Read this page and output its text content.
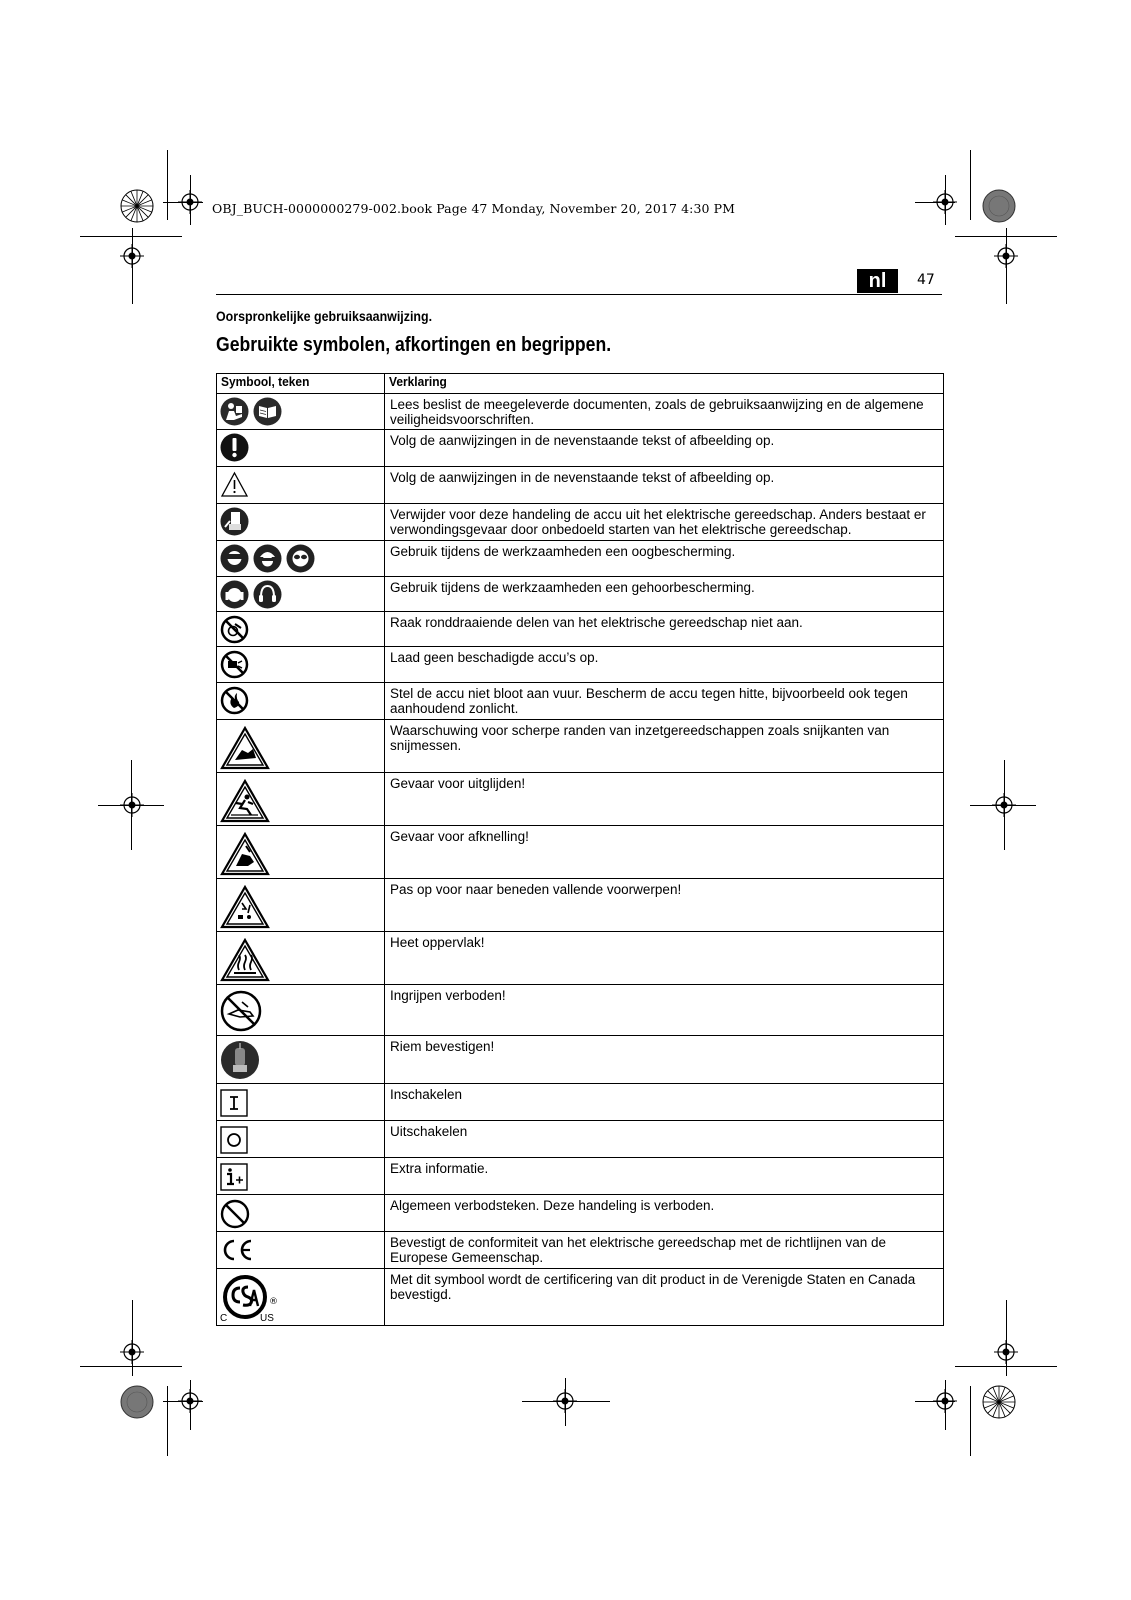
OBJ_BUCH-0000000279-002.book Page 47 Monday, November 20, 2017 4:30 PM
nl	47
Oorspronkelijke gebruiksaanwijzing.
Gebruikte symbolen, afkortingen en begrippen.
Symbool, teken	Verklaring

	Lees beslist de meegeleverde documenten, zoals de gebruiksaanwijzing en de algemene veiligheidsvoorschriften.

	Volg de aanwijzingen in de nevenstaande tekst of afbeelding op.

	Volg de aanwijzingen in de nevenstaande tekst of afbeelding op.

	Verwijder voor deze handeling de accu uit het elektrische gereedschap. Anders bestaat er verwondingsgevaar door onbedoeld starten van het elektrische gereedschap.

	Gebruik tijdens de werkzaamheden een oogbescherming.

	Gebruik tijdens de werkzaamheden een gehoorbescherming.

	Raak ronddraaiende delen van het elektrische gereedschap niet aan.

	Laad geen beschadigde accu’s op.

	Stel de accu niet bloot aan vuur. Bescherm de accu tegen hitte, bijvoorbeeld ook tegen aanhoudend zonlicht.

	Waarschuwing voor scherpe randen van inzetgereedschappen zoals snijkanten van snijmessen.

	Gevaar voor uitglijden!

	Gevaar voor afknelling!

	Pas op voor naar beneden vallende voorwerpen!

	Heet oppervlak!

	Ingrijpen verboden!

	Riem bevestigen!

	Inschakelen

	Uitschakelen

	Extra informatie.

	Algemeen verbodsteken. Deze handeling is verboden.

	Bevestigt de conformiteit van het elektrische gereedschap met de richtlijnen van de Europese Gemeenschap.

®
C US	Met dit symbool wordt de certificering van dit product in de Verenigde Staten en Canada bevestigd.
